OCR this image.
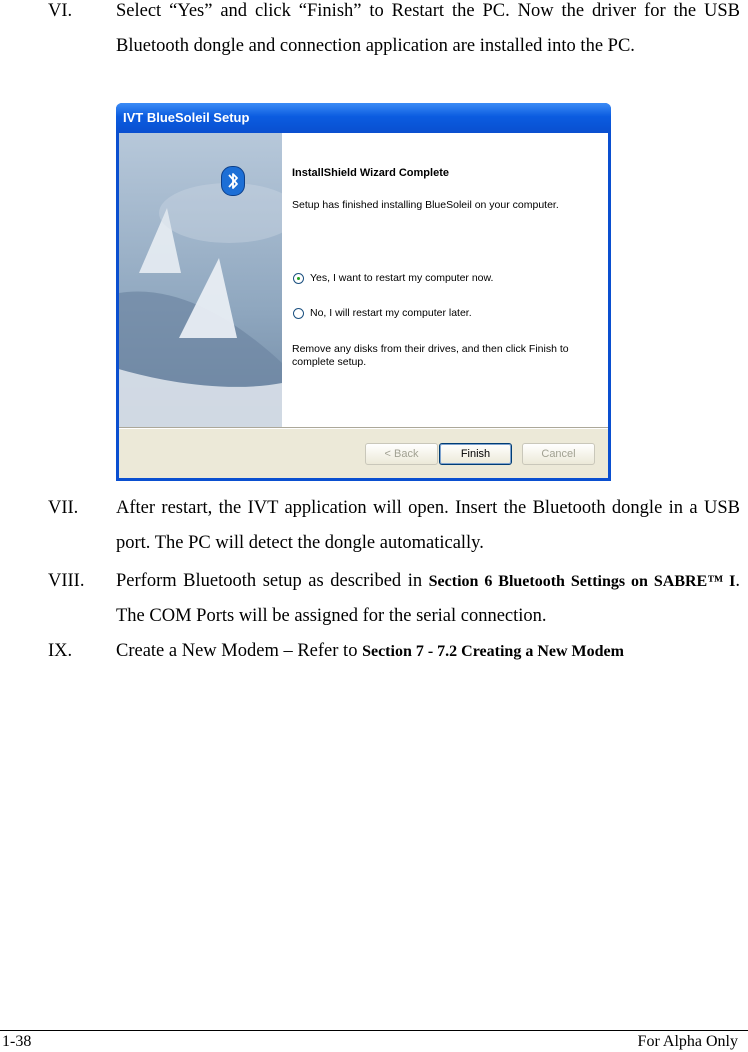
VI. Select “Yes” and click “Finish” to Restart the PC. Now the driver for the USB Bluetooth dongle and connection application are installed into the PC.
IVT BlueSoleil Setup
InstallShield Wizard Complete
Setup has finished installing BlueSoleil on your computer.
Yes, I want to restart my computer now.
No, I will restart my computer later.
Remove any disks from their drives, and then click Finish to complete setup.
< Back	Finish	Cancel
VII. After restart, the IVT application will open. Insert the Bluetooth dongle in a USB port. The PC will detect the dongle automatically.
VIII. Perform Bluetooth setup as described in Section 6 Bluetooth Settings on SABRE™ I. The COM Ports will be assigned for the serial connection.
IX. Create a New Modem – Refer to Section 7 - 7.2 Creating a New Modem
1-38	For Alpha Only
